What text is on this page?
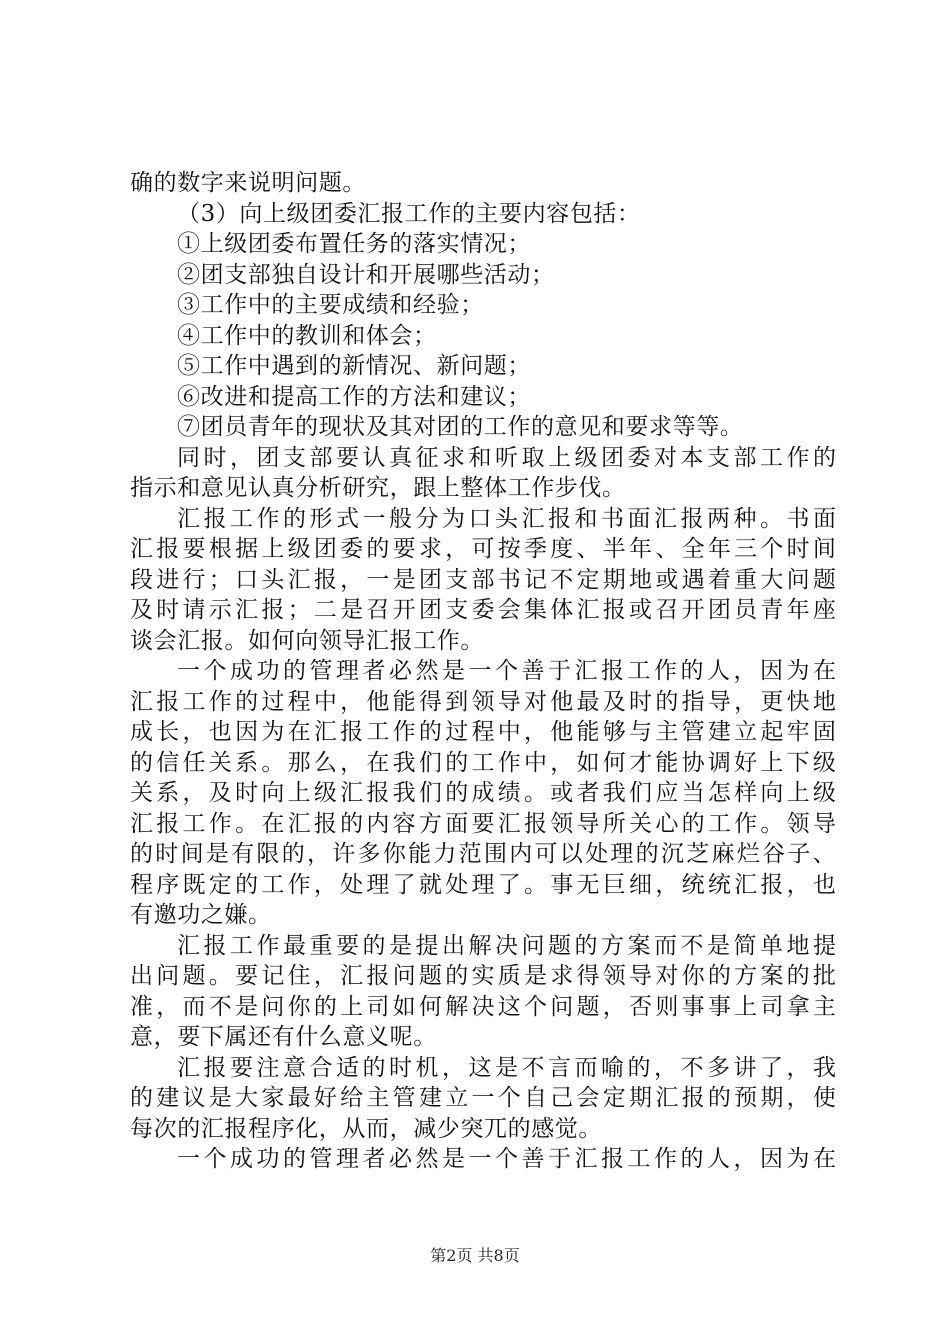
确的数字来说明问题。
（3）向上级团委汇报工作的主要内容包括：
①上级团委布置任务的落实情况；
②团支部独自设计和开展哪些活动；
③工作中的主要成绩和经验；
④工作中的教训和体会；
⑤工作中遇到的新情况、新问题；
⑥改进和提高工作的方法和建议；
⑦团员青年的现状及其对团的工作的意见和要求等等。
同 时 ， 团 支 部 要 认 真 征 求 和 听 取 上 级 团 委 对 本 支 部 工 作 的
指示和意见认真分析研究，跟上整体工作步伐。
汇 报 工 作 的 形 式 一 般 分 为 口 头 汇 报 和 书 面 汇 报 两 种 。 书 面
汇 报 要 根 据 上 级 团 委 的 要 求 ， 可 按 季 度 、 半 年 、 全 年 三 个 时 间
段 进 行 ； 口 头 汇 报 ， 一 是 团 支 部 书 记 不 定 期 地 或 遇 着 重 大 问 题
及 时 请 示 汇 报 ； 二 是 召 开 团 支 委 会 集 体 汇 报 或 召 开 团 员 青 年 座
谈会汇报。如何向领导汇报工作。
一 个 成 功 的 管 理 者 必 然 是 一 个 善 于 汇 报 工 作 的 人 ， 因 为 在
汇 报 工 作 的 过 程 中 ， 他 能 得 到 领 导 对 他 最 及 时 的 指 导 ， 更 快 地
成 长 ， 也 因 为 在 汇 报 工 作 的 过 程 中 ， 他 能 够 与 主 管 建 立 起 牢 固
的 信 任 关 系 。 那 么 ， 在 我 们 的 工 作 中 ， 如 何 才 能 协 调 好 上 下 级
关 系 ， 及 时 向 上 级 汇 报 我 们 的 成 绩 。 或 者 我 们 应 当 怎 样 向 上 级
汇 报 工 作 。 在 汇 报 的 内 容 方 面 要 汇 报 领 导 所 关 心 的 工 作 。 领 导
的 时 间 是 有 限 的 ， 许 多 你 能 力 范 围 内 可 以 处 理 的 沉 芝 麻 烂 谷 子 、
程 序 既 定 的 工 作 ， 处 理 了 就 处 理 了 。 事 无 巨 细 ， 统 统 汇 报 ， 也
有邀功之嫌。
汇 报 工 作 最 重 要 的 是 提 出 解 决 问 题 的 方 案 而 不 是 简 单 地 提
出 问 题 。 要 记 住 ， 汇 报 问 题 的 实 质 是 求 得 领 导 对 你 的 方 案 的 批
准 ， 而 不 是 问 你 的 上 司 如 何 解 决 这 个 问 题 ， 否 则 事 事 上 司 拿 主
意，要下属还有什么意义呢。
汇 报 要 注 意 合 适 的 时 机 ， 这 是 不 言 而 喻 的 ， 不 多 讲 了 ， 我
的 建 议 是 大 家 最 好 给 主 管 建 立 一 个 自 己 会 定 期 汇 报 的 预 期 ， 使
每次的汇报程序化，从而，减少突兀的感觉。
一 个 成 功 的 管 理 者 必 然 是 一 个 善 于 汇 报 工 作 的 人 ， 因 为 在
第2页 共8页
